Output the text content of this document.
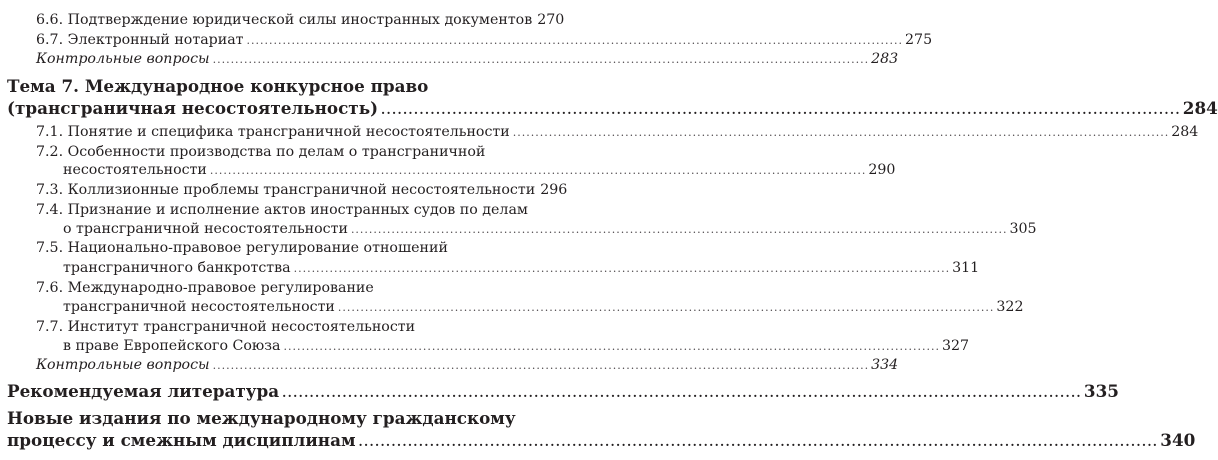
6.6. Подтверждение юридической силы иностранных документов 270
6.7. Электронный нотариат .................................................................................................................................................. 275
Контрольные вопросы .................................................................................................................................................. 283
Тема 7. Международное конкурсное право
(трансграничная несостоятельность) .................................................................................................................................................. 284
7.1. Понятие и специфика трансграничной несостоятельности .................................................................................................................................................. 284
7.2. Особенности производства по делам о трансграничной
несостоятельности .................................................................................................................................................. 290
7.3. Коллизионные проблемы трансграничной несостоятельности 296
7.4. Признание и исполнение актов иностранных судов по делам
о трансграничной несостоятельности .................................................................................................................................................. 305
7.5. Национально-правовое регулирование отношений
трансграничного банкротства .................................................................................................................................................. 311
7.6. Международно-правовое регулирование
трансграничной несостоятельности .................................................................................................................................................. 322
7.7. Институт трансграничной несостоятельности
в праве Европейского Союза .................................................................................................................................................. 327
Контрольные вопросы .................................................................................................................................................. 334
Рекомендуемая литература .................................................................................................................................................. 335
Новые издания по международному гражданскому
процессу и смежным дисциплинам .................................................................................................................................................. 340
